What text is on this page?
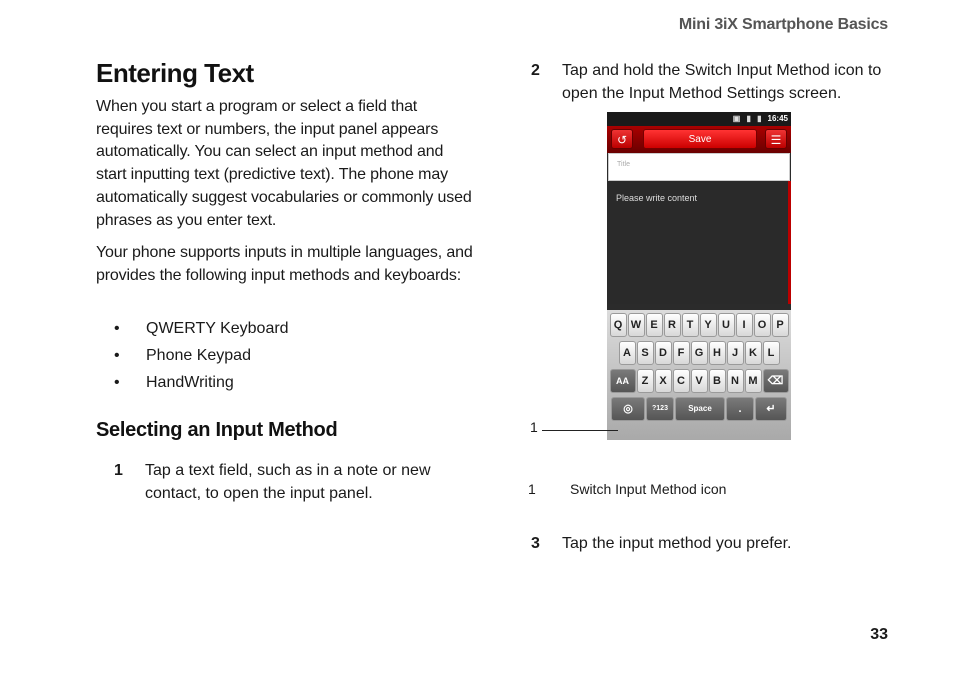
Mini 3iX Smartphone Basics
Entering Text

When you start a program or select a field that requires text or numbers, the input panel appears automatically. You can select an input method and start inputting text (predictive text). The phone may automatically suggest vocabularies or commonly used phrases as you enter text.

Your phone supports inputs in multiple languages, and provides the following input methods and keyboards:

• QWERTY Keyboard
• Phone Keypad
• HandWriting
Selecting an Input Method
1 Tap a text field, such as in a note or new contact, to open the input panel.
2 Tap and hold the Switch Input Method icon to open the Input Method Settings screen.
▣ ▮ ▮ 16:45
↺	Save	☰
Title
Please write content
Q W E R T Y U	I	O P
A S D F G H J K L
AA	Z X C V B N M ⌫
◎	?123	Space	.	↵
1
1 Switch Input Method icon
3 Tap the input method you prefer.
33
